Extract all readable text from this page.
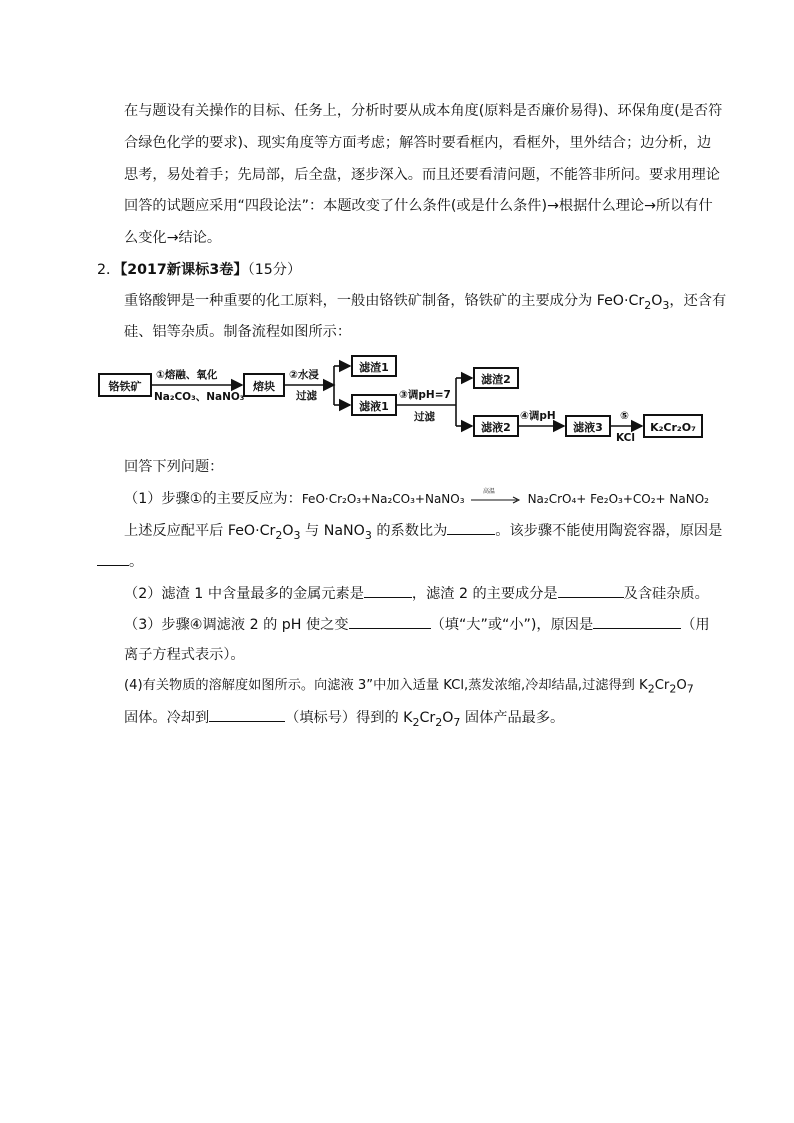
在与题设有关操作的目标、任务上，分析时要从成本角度(原料是否廉价易得)、环保角度(是否符
合绿色化学的要求)、现实角度等方面考虑；解答时要看框内，看框外，里外结合；边分析，边
思考，易处着手；先局部，后全盘，逐步深入。而且还要看清问题，不能答非所问。要求用理论
回答的试题应采用“四段论法”：本题改变了什么条件(或是什么条件)→根据什么理论→所以有什
么变化→结论。
2．【2017新课标3卷】（15分）
重铬酸钾是一种重要的化工原料，一般由铬铁矿制备，铬铁矿的主要成分为 $FeO\cdot Cr_2O_3$，还含有
硅、铝等杂质。制备流程如图所示：
铬铁矿
①熔融、氧化
Na₂CO₃、NaNO₃
熔块
②水浸
过滤
滤渣1
滤液1
③调pH=7
过滤
滤渣2
滤液2
④调pH
滤液3
⑤
KCl
K₂Cr₂O₇
回答下列问题：
（1）步骤①的主要反应为：FeO·Cr₂O₃+Na₂CO₃+NaNO₃
高温
Na₂CrO₄+ Fe₂O₃+CO₂+ NaNO₂
上述反应配平后 $FeO\cdot Cr_2O_3$ 与 NaNO$_3$ 的系数比为	。该步骤不能使用陶瓷容器，原因是
。
（2）滤渣 1 中含量最多的金属元素是	，滤渣 2 的主要成分是	及含硅杂质。
（3）步骤④调滤液 2 的 pH 使之变	（填“大”或“小”)，原因是	（用
离子方程式表示）。
(4)有关物质的溶解度如图所示。向滤液 3”中加入适量 KCl,蒸发浓缩,冷却结晶,过滤得到 $K_2Cr_2O_7$
固体。冷却到	（填标号）得到的 $K_2Cr_2O_7$ 固体产品最多。
